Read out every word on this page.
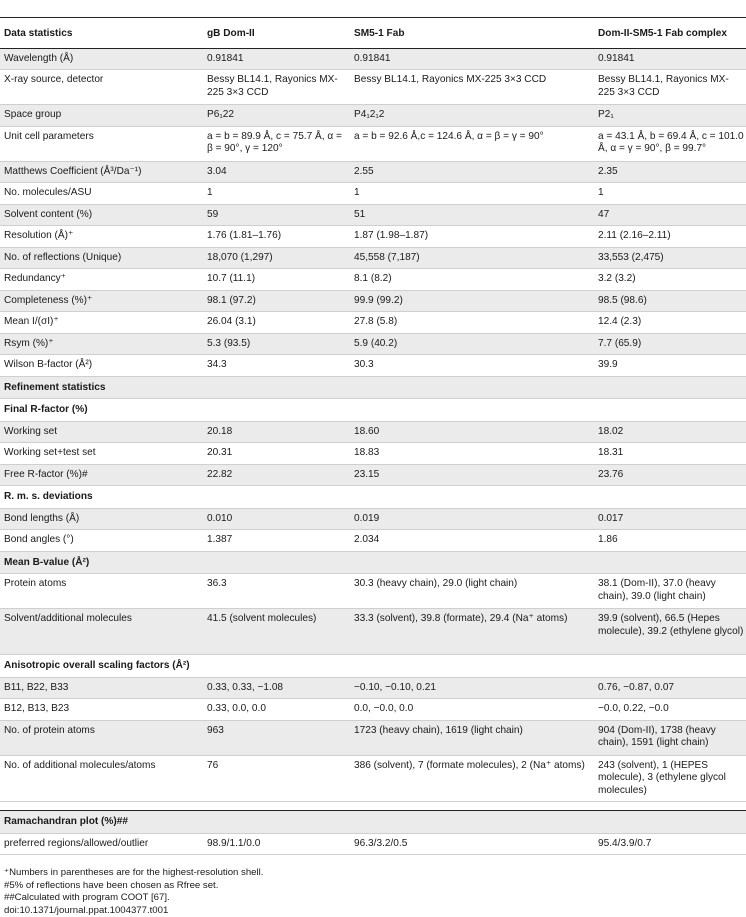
Data statistics	gB Dom-II	SM5-1 Fab	Dom-II-SM5-1 Fab complex
Wavelength (Å)	0.91841	0.91841	0.91841
X-ray source, detector	Bessy BL14.1, Rayonics MX-225 3×3 CCD	Bessy BL14.1, Rayonics MX-225 3×3 CCD	Bessy BL14.1, Rayonics MX-225 3×3 CCD
Space group	P6₁22	P4₁2₁2	P2₁
Unit cell parameters	a = b = 89.9 Å, c = 75.7 Å, α = β = 90°, γ = 120°	a = b = 92.6 Å,c = 124.6 Å, α = β = γ = 90°	a = 43.1 Å, b = 69.4 Å, c = 101.0 Å, α = γ = 90°, β = 99.7°
Matthews Coefficient (Å³/Da⁻¹)	3.04	2.55	2.35
No. molecules/ASU	1	1	1
Solvent content (%)	59	51	47
Resolution (Å)⁺	1.76 (1.81–1.76)	1.87 (1.98–1.87)	2.11 (2.16–2.11)
No. of reflections (Unique)	18,070 (1,297)	45,558 (7,187)	33,553 (2,475)
Redundancy⁺	10.7 (11.1)	8.1 (8.2)	3.2 (3.2)
Completeness (%)⁺	98.1 (97.2)	99.9 (99.2)	98.5 (98.6)
Mean I/(σI)⁺	26.04 (3.1)	27.8 (5.8)	12.4 (2.3)
Rsym (%)⁺	5.3 (93.5)	5.9 (40.2)	7.7 (65.9)
Wilson B-factor (Å²)	34.3	30.3	39.9
Refinement statistics			
Final R-factor (%)			
Working set	20.18	18.60	18.02
Working set+test set	20.31	18.83	18.31
Free R-factor (%)#	22.82	23.15	23.76
R. m. s. deviations			
Bond lengths (Å)	0.010	0.019	0.017
Bond angles (°)	1.387	2.034	1.86
Mean B-value (Å²)			
Protein atoms	36.3	30.3 (heavy chain), 29.0 (light chain)	38.1 (Dom-II), 37.0 (heavy chain), 39.0 (light chain)
Solvent/additional molecules	41.5 (solvent molecules)	33.3 (solvent), 39.8 (formate), 29.4 (Na⁺ atoms)	39.9 (solvent), 66.5 (Hepes molecule), 39.2 (ethylene glycol)
Anisotropic overall scaling factors (Å²)			
B11, B22, B33	0.33, 0.33, −1.08	−0.10, −0.10, 0.21	0.76, −0.87, 0.07
B12, B13, B23	0.33, 0.0, 0.0	0.0, −0.0, 0.0	−0.0, 0.22, −0.0
No. of protein atoms	963	1723 (heavy chain), 1619 (light chain)	904 (Dom-II), 1738 (heavy chain), 1591 (light chain)
No. of additional molecules/atoms	76	386 (solvent), 7 (formate molecules), 2 (Na⁺ atoms)	243 (solvent), 1 (HEPES molecule), 3 (ethylene glycol molecules)

Ramachandran plot (%)##			
preferred regions/allowed/outlier	98.9/1.1/0.0	96.3/3.2/0.5	95.4/3.9/0.7
⁺Numbers in parentheses are for the highest-resolution shell.
#5% of reflections have been chosen as Rfree set.
##Calculated with program COOT [67].
doi:10.1371/journal.ppat.1004377.t001
